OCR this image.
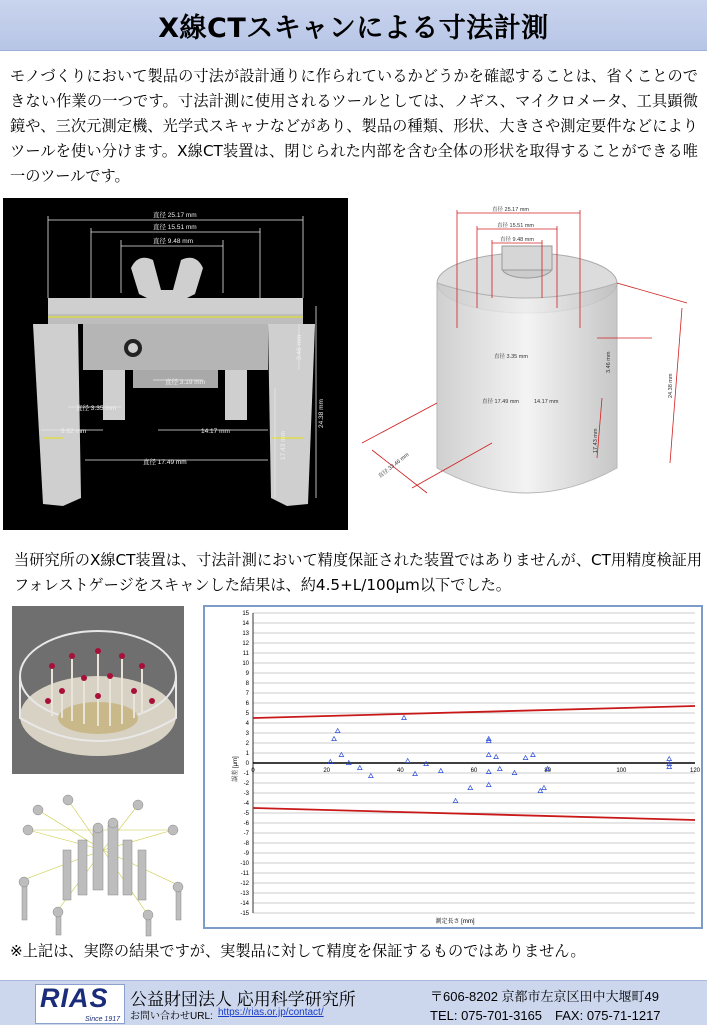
X線CTスキャンによる寸法計測
モノづくりにおいて製品の寸法が設計通りに作られているかどうかを確認することは、省くことのできない作業の一つです。寸法計測に使用されるツールとしては、ノギス、マイクロメータ、工具顕微鏡や、三次元測定機、光学式スキャナなどがあり、製品の種類、形状、大きさや測定要件などによりツールを使い分けます。X線CT装置は、閉じられた内部を含む全体の形状を取得することができる唯一のツールです。
直径 25.17 mm
直径 15.51 mm
直径 9.48 mm
3.46 mm
直径 3.19 mm
直径 3.35 mm
9.62 mm	14.17 mm
24.38 mm
17.43 mm
直径 17.49 mm
直径 25.17 mm
直径 15.51 mm
直径 9.48 mm
直径 3.35 mm
直径 17.49 mm	14.17 mm
3.46 mm
24.38 mm
17.43 mm
直径 33.46 mm
当研究所のX線CT装置は、寸法計測において精度保証された装置ではありませんが、CT用精度検証用フォレストゲージをスキャンした結果は、約4.5+L/100μm以下でした。
15
14
13
12
11
10
9
8
7
6
5
4
3
2
1
0
-1
-2
-3
-4
-5
-6
-7
-8
-9
-10
-11
-12
-13
-14
-15
0	20	40	60	80	100	120
測定長さ [mm]
誤差 [μm]
※上記は、実際の結果ですが、実製品に対して精度を保証するものではありません。
RIAS
Since 1917
公益財団法人 応用科学研究所
お問い合わせURL: https://rias.or.jp/contact/
〒606-8202 京都市左京区田中大堰町49
TEL: 075-701-3165　FAX: 075-71-1217
